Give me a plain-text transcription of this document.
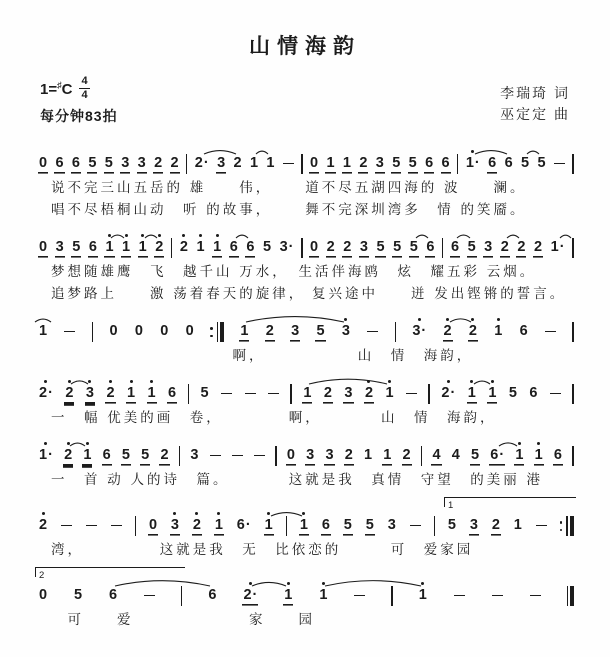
山情海韵
$1=^♯C \frac{4}{4}$
每分钟83拍
李瑞琦 词
巫定定 曲
0 6 6 5 5 3 3 2 2 2· 3 2 1 1 0 1 1 2 3 5 5 6 6 1· 6 6 5 5
说不完三山五岳的 雄　　伟，　　 道不尽五湖四海的 波　　澜。
唱不尽梧桐山动　听 的故事，　　 舞不完深圳湾多　情 的笑靥。
0 3 5 6 1 1 1 2 2 1 1 6 6 5 3· 0 2 2 3 5 5 5 6 6 5 3 2 2 2 1·
梦想随雄鹰　飞　越千山 万水，　生活伴海鸥　炫　耀五彩 云烟。
追梦路上　　激 荡着春天的旋律， 复兴途中　　迸 发出铿锵的誓言。
1	0 0 0 0	1 2 3 5 3	3· 2 2 1 6
　　　　　　　　　　　啊，　　　　　　山　情　海韵，
2· 2 3 2 1 1 6 5	1 2 3 2 1	2· 1 1 5 6
一　幅 优美的画　卷，　　　　 啊，　　　　山　情　海韵，
1· 2 1 6 5 5 2 3	0 3 3 2 1 1 2 4 4 5 6· 1 1 6
一　首 动 人的诗　篇。　　　　这就是我　真情　守望　的美丽 港
2	0 3 2 1 6· 1 1 6 5 5 3	5 3 2 1
湾，　　　　　这就是我　无　比依恋的　　　可　爱家园
1
0 5 6	6 2· 1 1	1
　可　　爱　　　　　　　家　　园
2
